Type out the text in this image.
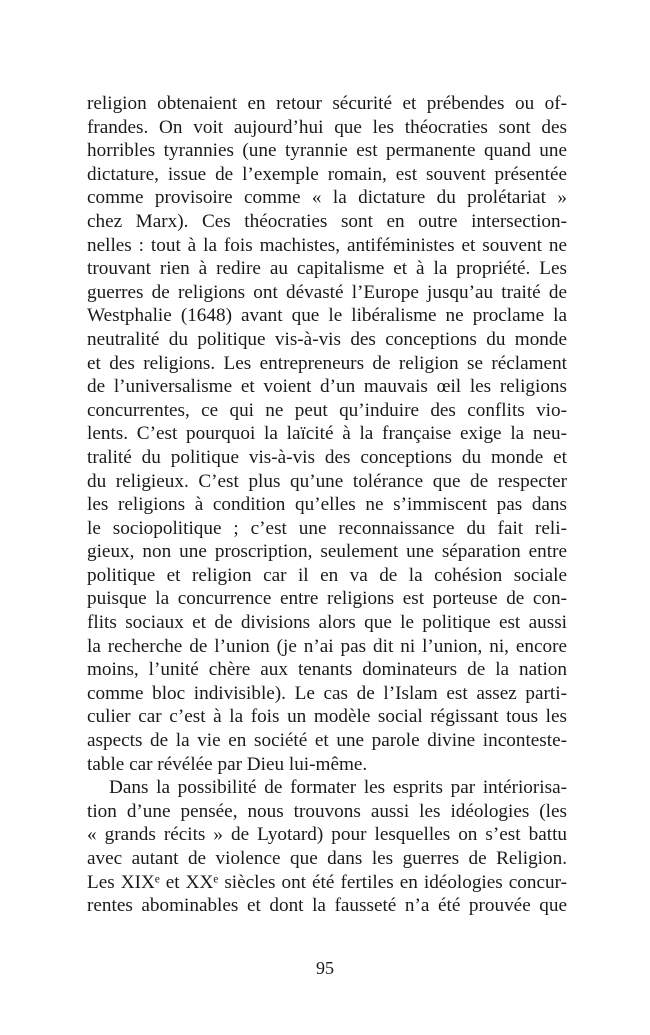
religion obtenaient en retour sécurité et prébendes ou of-
frandes. On voit aujourd’hui que les théocraties sont des
horribles tyrannies (une tyrannie est permanente quand une
dictature, issue de l’exemple romain, est souvent présentée
comme provisoire comme « la dictature du prolétariat »
chez Marx). Ces théocraties sont en outre intersection-
nelles : tout à la fois machistes, antiféministes et souvent ne
trouvant rien à redire au capitalisme et à la propriété. Les
guerres de religions ont dévasté l’Europe jusqu’au traité de
Westphalie (1648) avant que le libéralisme ne proclame la
neutralité du politique vis-à-vis des conceptions du monde
et des religions. Les entrepreneurs de religion se réclament
de l’universalisme et voient d’un mauvais œil les religions
concurrentes, ce qui ne peut qu’induire des conflits vio-
lents. C’est pourquoi la laïcité à la française exige la neu-
tralité du politique vis-à-vis des conceptions du monde et
du religieux. C’est plus qu’une tolérance que de respecter
les religions à condition qu’elles ne s’immiscent pas dans
le sociopolitique ; c’est une reconnaissance du fait reli-
gieux, non une proscription, seulement une séparation entre
politique et religion car il en va de la cohésion sociale
puisque la concurrence entre religions est porteuse de con-
flits sociaux et de divisions alors que le politique est aussi
la recherche de l’union (je n’ai pas dit ni l’union, ni, encore
moins, l’unité chère aux tenants dominateurs de la nation
comme bloc indivisible). Le cas de l’Islam est assez parti-
culier car c’est à la fois un modèle social régissant tous les
aspects de la vie en société et une parole divine inconteste-
table car révélée par Dieu lui-même.
Dans la possibilité de formater les esprits par intériorisa-
tion d’une pensée, nous trouvons aussi les idéologies (les
« grands récits » de Lyotard) pour lesquelles on s’est battu
avec autant de violence que dans les guerres de Religion.
Les XIXᵉ et XXᵉ siècles ont été fertiles en idéologies concur-
rentes abominables et dont la fausseté n’a été prouvée que
95
